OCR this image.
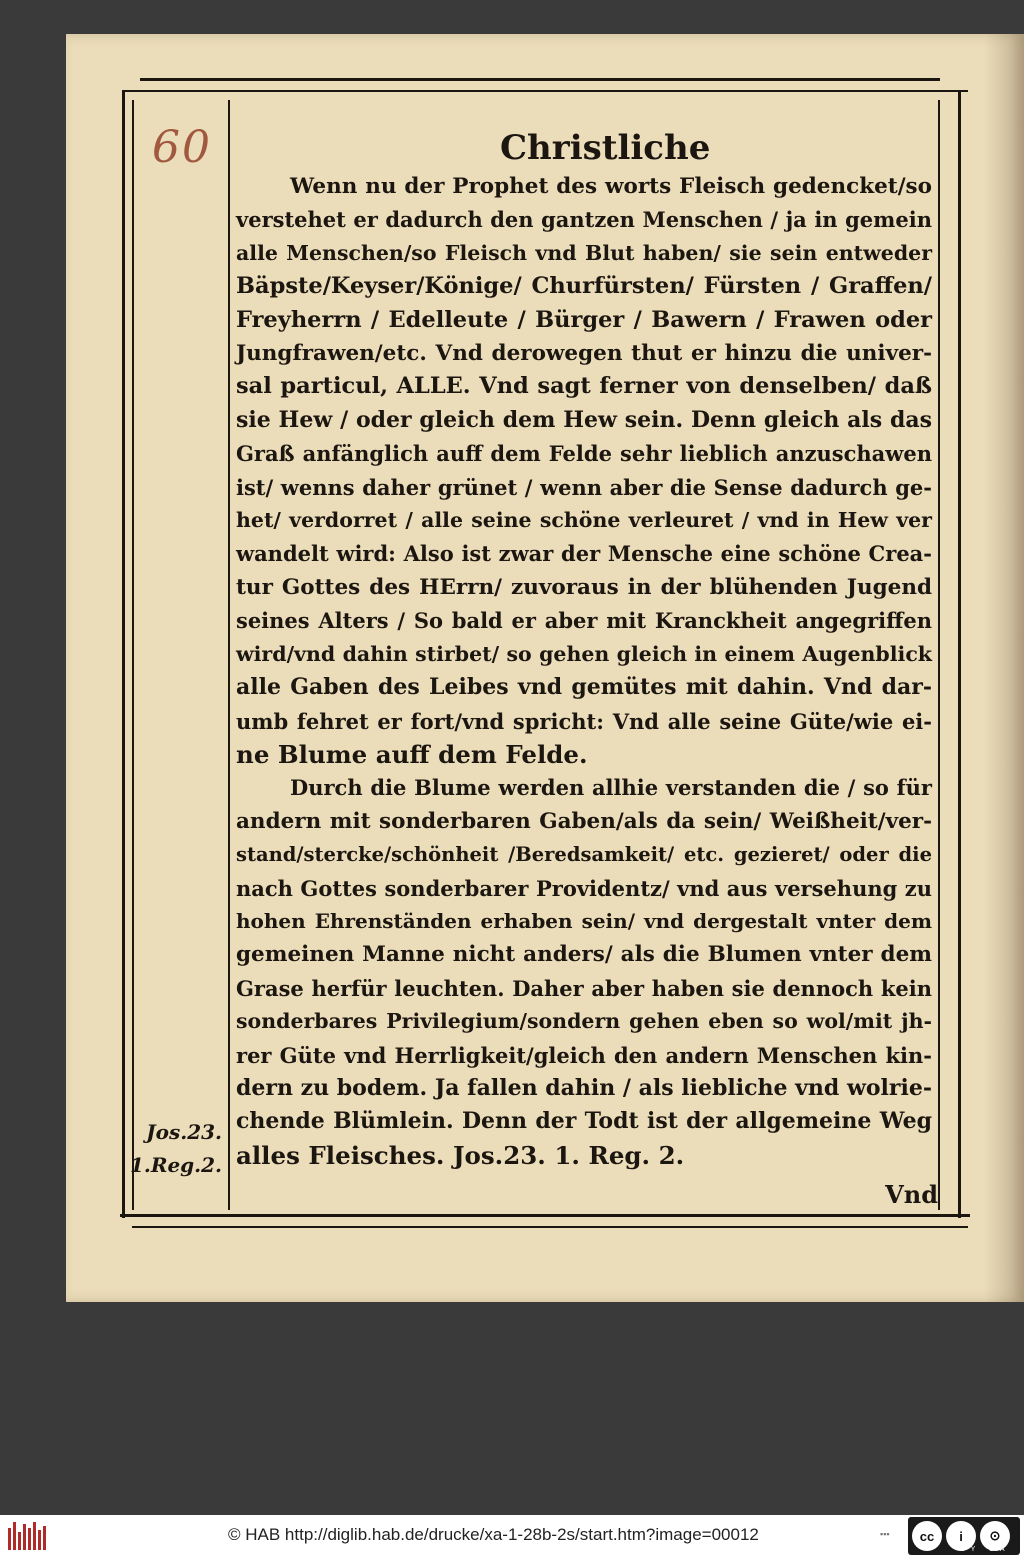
60	Christliche
Wenn nu der Prophet des worts Fleisch gedencket/so
verstehet er dadurch den gantzen Menschen / ja in gemein
alle Menschen/so Fleisch vnd Blut haben/ sie sein entweder
Bäpste/Keyser/Könige/ Churfürsten/ Fürsten / Graffen/
Freyherrn / Edelleute / Bürger / Bawern / Frawen oder
Jungfrawen/etc. Vnd derowegen thut er hinzu die univer-
sal particul, ALLE. Vnd sagt ferner von denselben/ daß
sie Hew / oder gleich dem Hew sein. Denn gleich als das
Graß anfänglich auff dem Felde sehr lieblich anzuschawen
ist/ wenns daher grünet / wenn aber die Sense dadurch ge-
het/ verdorret / alle seine schöne verleuret / vnd in Hew ver
wandelt wird: Also ist zwar der Mensche eine schöne Crea-
tur Gottes des HErrn/ zuvoraus in der blühenden Jugend
seines Alters / So bald er aber mit Kranckheit angegriffen
wird/vnd dahin stirbet/ so gehen gleich in einem Augenblick
alle Gaben des Leibes vnd gemütes mit dahin. Vnd dar-
umb fehret er fort/vnd spricht: Vnd alle seine Güte/wie ei-
ne Blume auff dem Felde.
Durch die Blume werden allhie verstanden die / so für
andern mit sonderbaren Gaben/als da sein/ Weißheit/ver-
stand/stercke/schönheit /Beredsamkeit/ etc. gezieret/ oder die
nach Gottes sonderbarer Providentz/ vnd aus versehung zu
hohen Ehrenständen erhaben sein/ vnd dergestalt vnter dem
gemeinen Manne nicht anders/ als die Blumen vnter dem
Grase herfür leuchten. Daher aber haben sie dennoch kein
sonderbares Privilegium/sondern gehen eben so wol/mit jh-
rer Güte vnd Herrligkeit/gleich den andern Menschen kin-
dern zu bodem. Ja fallen dahin / als liebliche vnd wolrie-
chende Blümlein. Denn der Todt ist der allgemeine Weg
alles Fleisches. Jos.23. 1. Reg. 2.
Jos.23.
1.Reg.2.
Vnd
© HAB http://diglib.hab.de/drucke/xa-1-28b-2s/start.htm?image=00012	▪▪▪	cc	i	⊙
BY SA
